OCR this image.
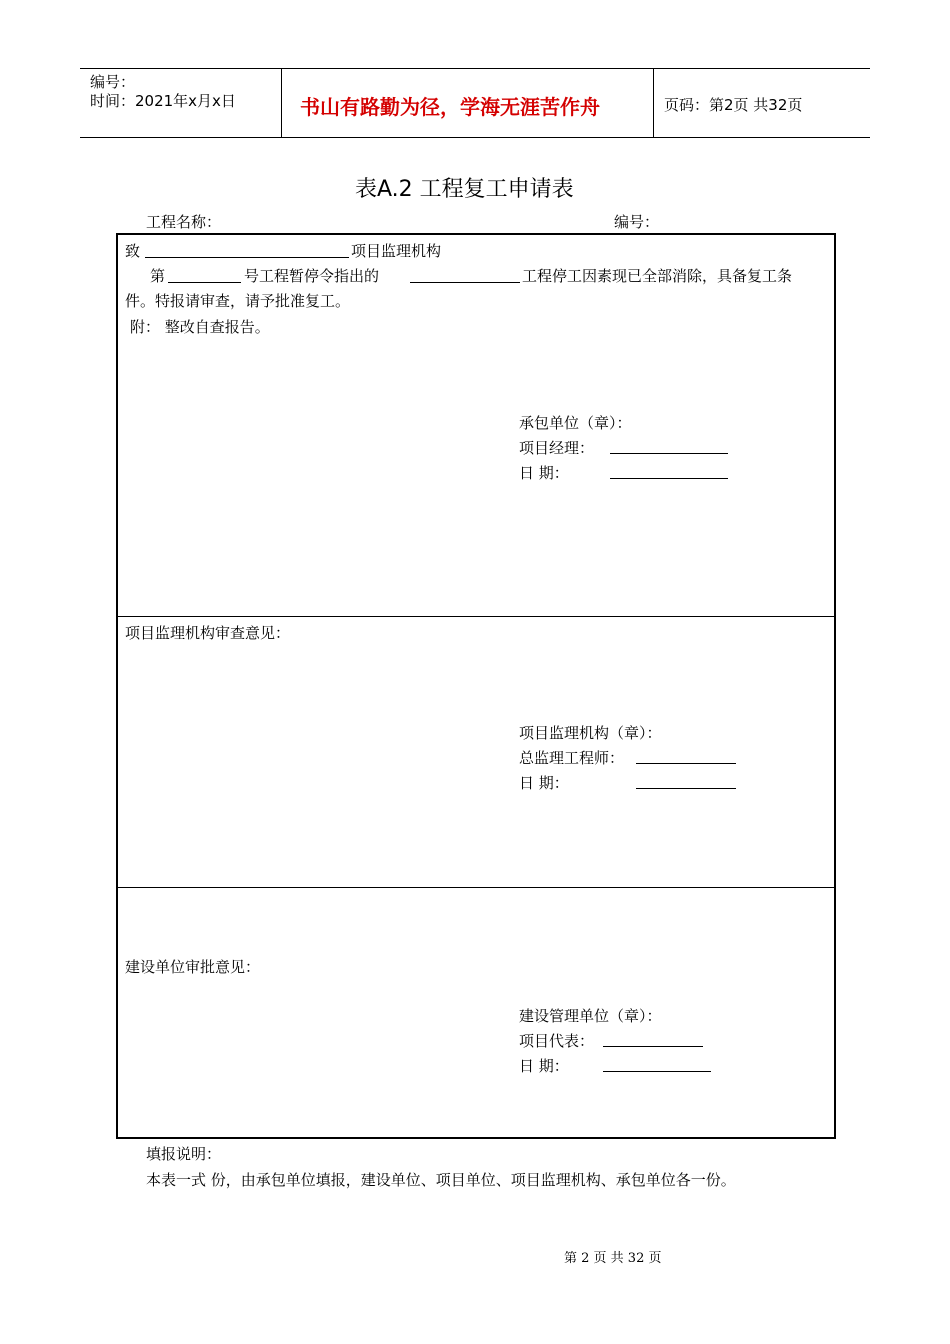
编号：
时间：2021年x月x日	书山有路勤为径，学海无涯苦作舟	页码：第2页 共32页
表A.2 工程复工申请表
工程名称：	编号：
致	项目监理机构
第	号工程暂停令指出的	工程停工因素现已全部消除，具备复工条
件。特报请审查，请予批准复工。
附： 整改自查报告。
承包单位（章）：
项目经理：
日 期：
项目监理机构审查意见：
项目监理机构（章）：
总监理工程师：
日 期：
建设单位审批意见：
建设管理单位（章）：
项目代表：
日 期：
填报说明：
本表一式 份，由承包单位填报，建设单位、项目单位、项目监理机构、承包单位各一份。
第 2 页 共 32 页
